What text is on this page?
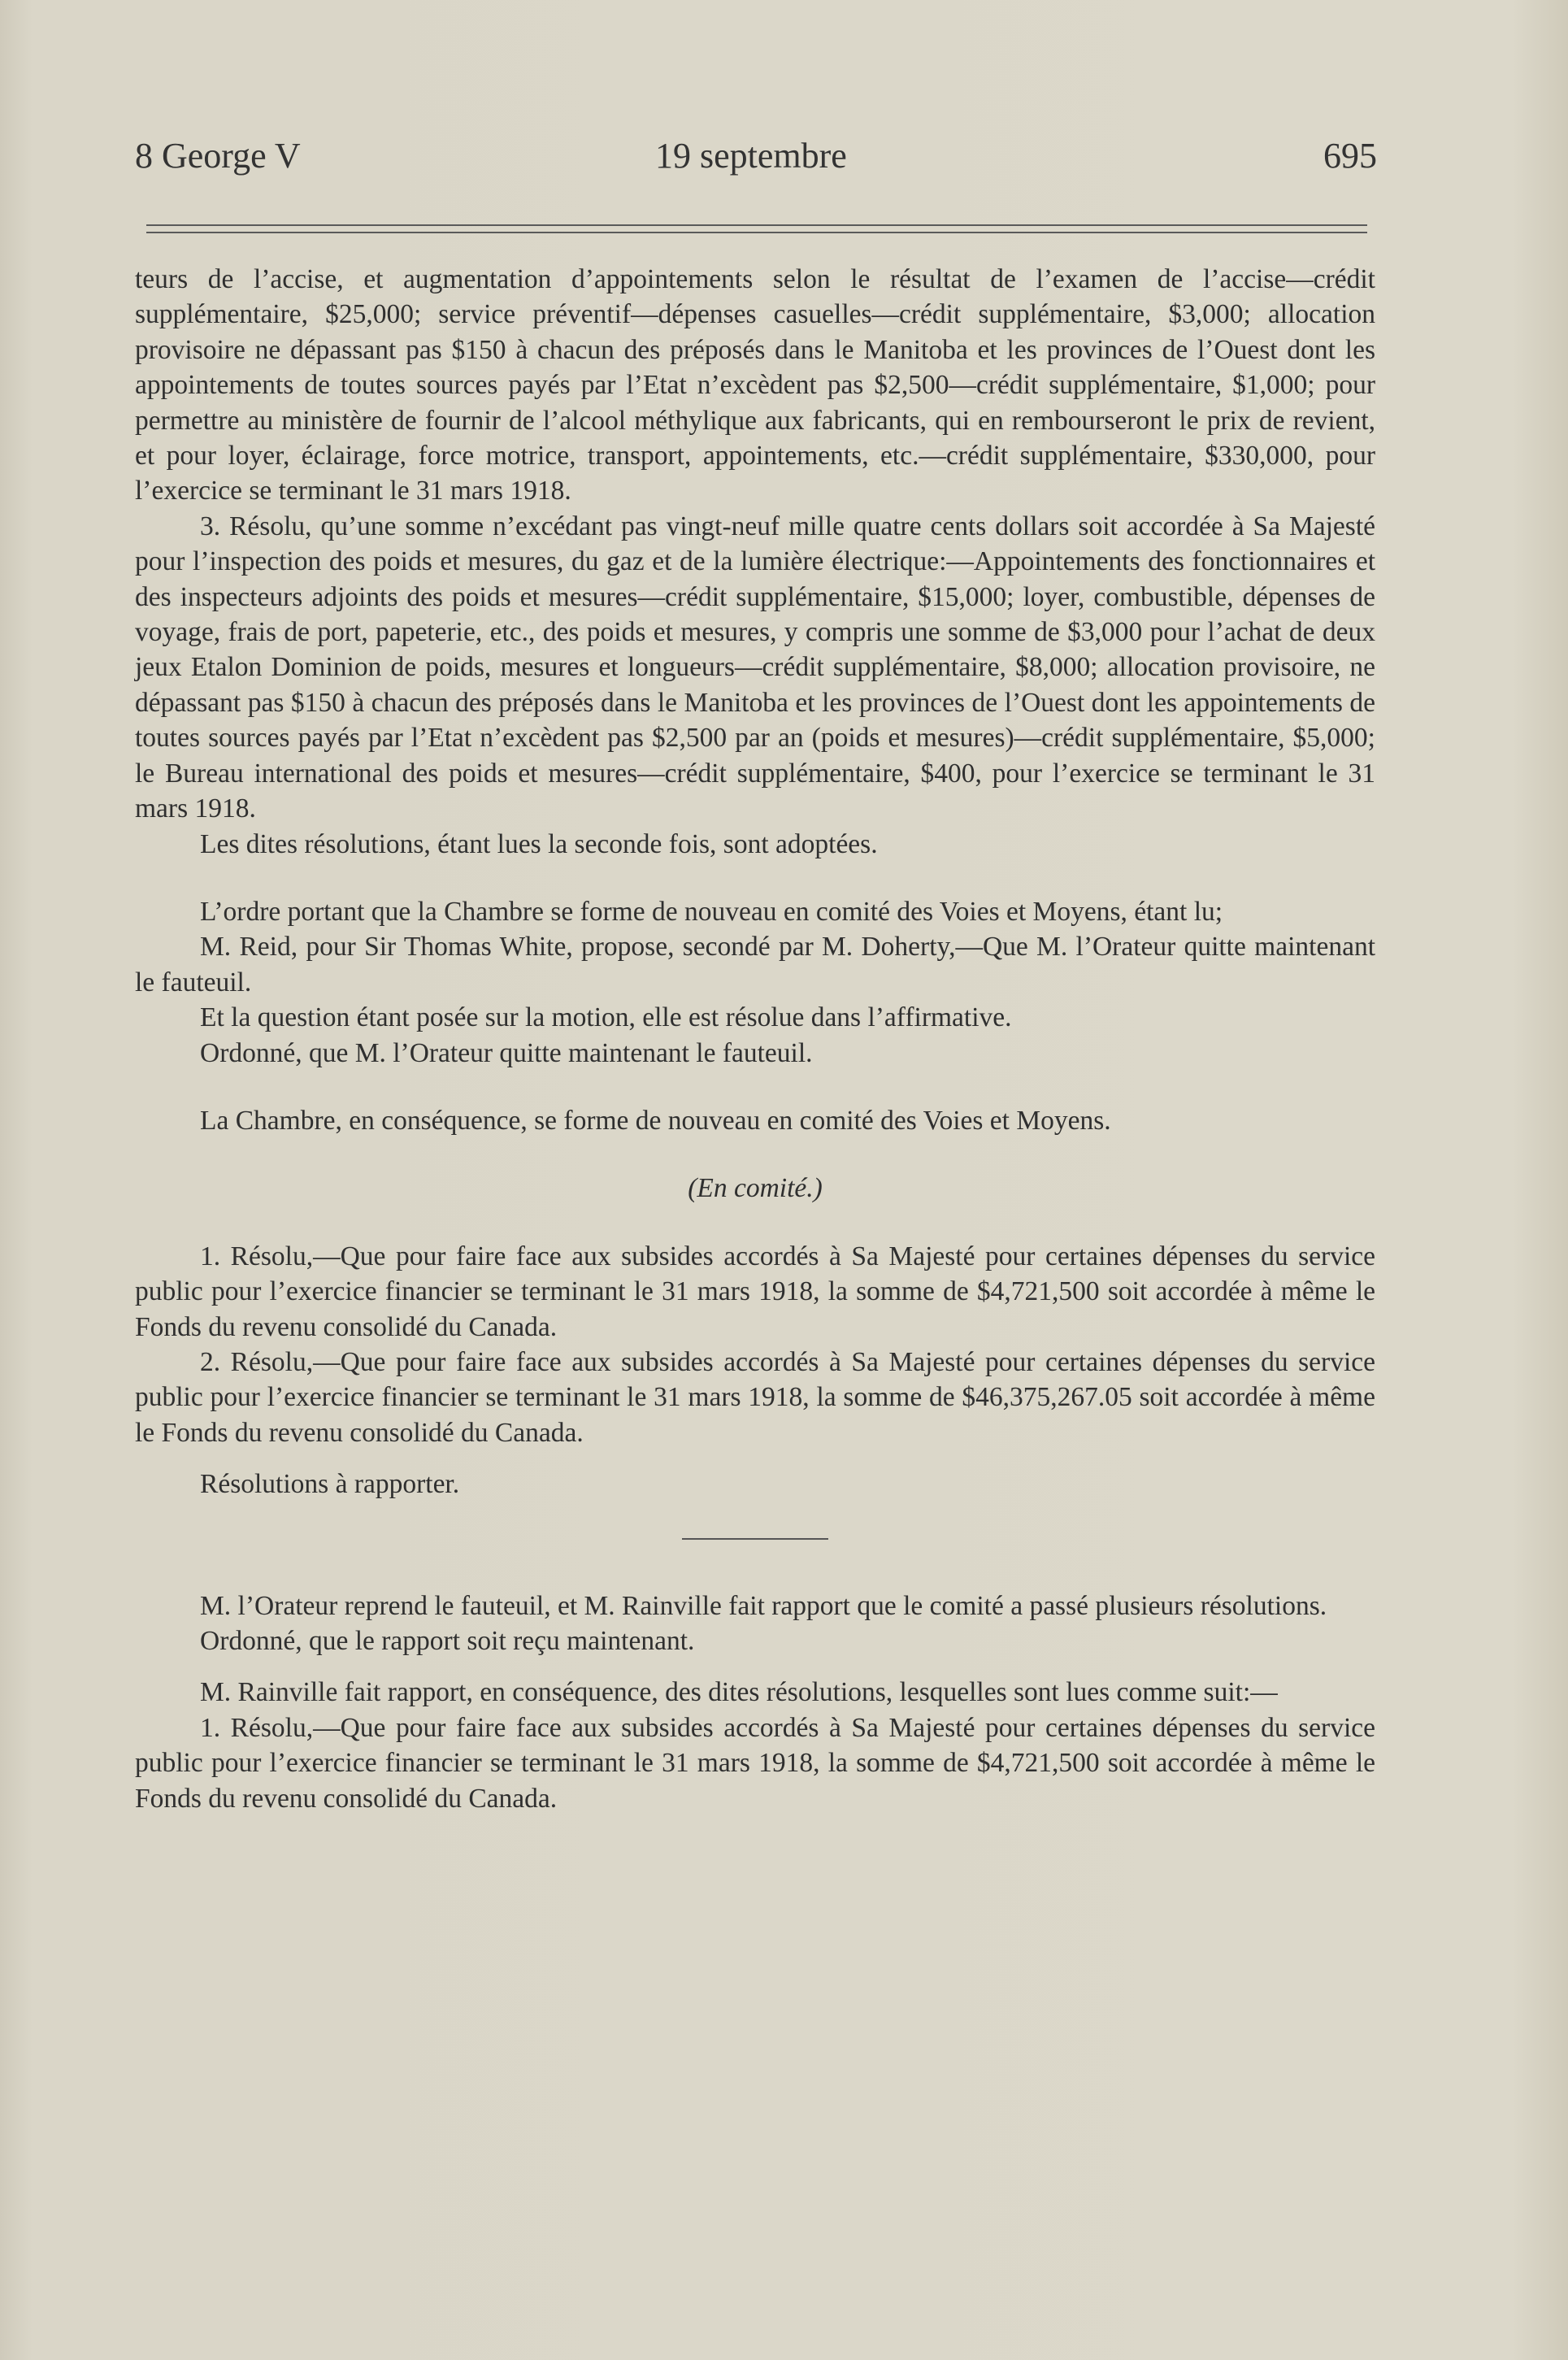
8 George V	19 septembre	695

teurs de l’accise, et augmentation d’appointements selon le résultat de l’examen de l’accise—crédit supplémentaire, $25,000; service préventif—dépenses casuelles—crédit supplémentaire, $3,000; allocation provisoire ne dépassant pas $150 à chacun des préposés dans le Manitoba et les provinces de l’Ouest dont les appointements de toutes sources payés par l’Etat n’excèdent pas $2,500—crédit supplémentaire, $1,000; pour permettre au ministère de fournir de l’alcool méthylique aux fabricants, qui en rembourseront le prix de revient, et pour loyer, éclairage, force motrice, transport, appointements, etc.—crédit supplémentaire, $330,000, pour l’exercice se terminant le 31 mars 1918.

3. Résolu, qu’une somme n’excédant pas vingt-neuf mille quatre cents dollars soit accordée à Sa Majesté pour l’inspection des poids et mesures, du gaz et de la lumière électrique:—Appointements des fonctionnaires et des inspecteurs adjoints des poids et mesures—crédit supplémentaire, $15,000; loyer, combustible, dépenses de voyage, frais de port, papeterie, etc., des poids et mesures, y compris une somme de $3,000 pour l’achat de deux jeux Etalon Dominion de poids, mesures et longueurs—crédit supplémentaire, $8,000; allocation provisoire, ne dépassant pas $150 à chacun des préposés dans le Manitoba et les provinces de l’Ouest dont les appointements de toutes sources payés par l’Etat n’excèdent pas $2,500 par an (poids et mesures)—crédit supplémentaire, $5,000; le Bureau international des poids et mesures—crédit supplémentaire, $400, pour l’exercice se terminant le 31 mars 1918.

Les dites résolutions, étant lues la seconde fois, sont adoptées.

L’ordre portant que la Chambre se forme de nouveau en comité des Voies et Moyens, étant lu;

M. Reid, pour Sir Thomas White, propose, secondé par M. Doherty,—Que M. l’Orateur quitte maintenant le fauteuil.

Et la question étant posée sur la motion, elle est résolue dans l’affirmative.

Ordonné, que M. l’Orateur quitte maintenant le fauteuil.

La Chambre, en conséquence, se forme de nouveau en comité des Voies et Moyens.

(En comité.)

1. Résolu,—Que pour faire face aux subsides accordés à Sa Majesté pour certaines dépenses du service public pour l’exercice financier se terminant le 31 mars 1918, la somme de $4,721,500 soit accordée à même le Fonds du revenu consolidé du Canada.

2. Résolu,—Que pour faire face aux subsides accordés à Sa Majesté pour certaines dépenses du service public pour l’exercice financier se terminant le 31 mars 1918, la somme de $46,375,267.05 soit accordée à même le Fonds du revenu consolidé du Canada.

Résolutions à rapporter.

M. l’Orateur reprend le fauteuil, et M. Rainville fait rapport que le comité a passé plusieurs résolutions.

Ordonné, que le rapport soit reçu maintenant.

M. Rainville fait rapport, en conséquence, des dites résolutions, lesquelles sont lues comme suit:—

1. Résolu,—Que pour faire face aux subsides accordés à Sa Majesté pour certaines dépenses du service public pour l’exercice financier se terminant le 31 mars 1918, la somme de $4,721,500 soit accordée à même le Fonds du revenu consolidé du Canada.
